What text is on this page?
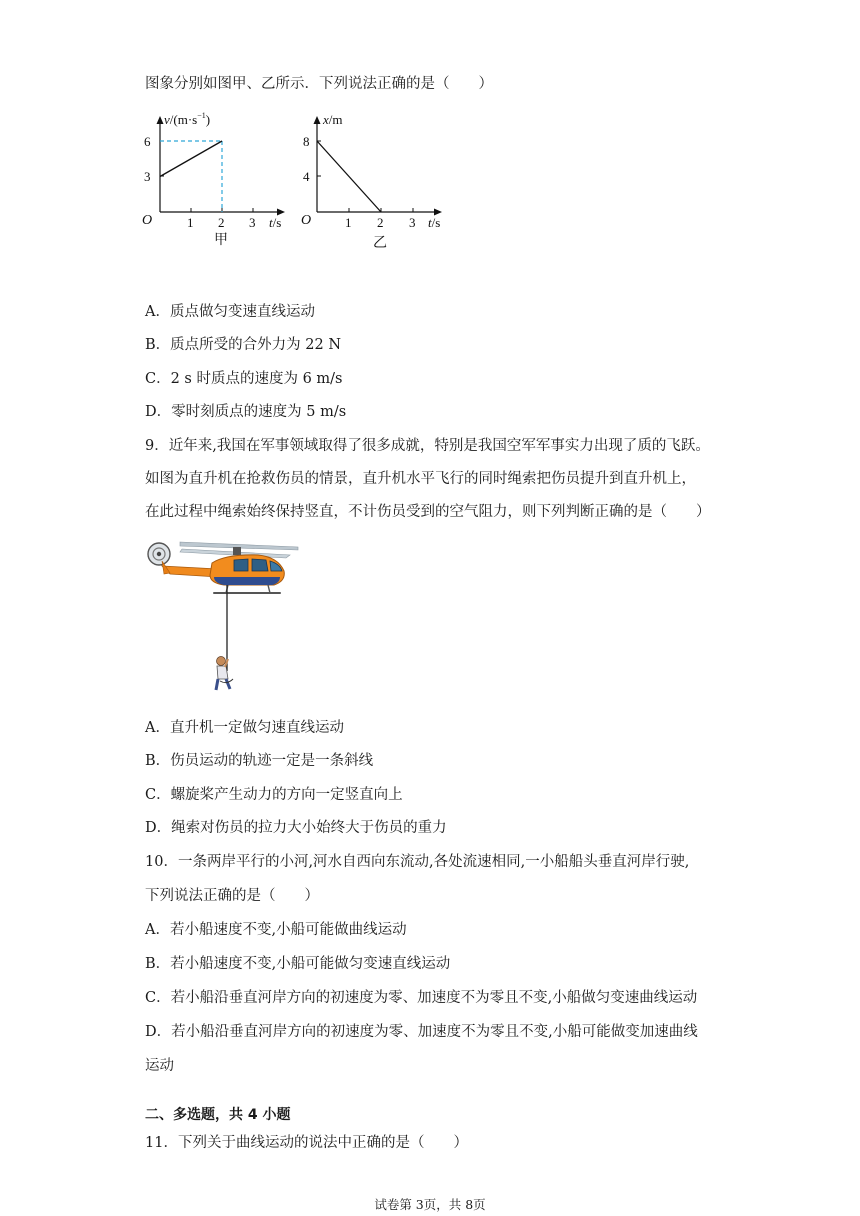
图象分别如图甲、乙所示．下列说法正确的是（　　）
$v/(m\cdot s^{-1})$
6
3
O	1 2 3 t/s
甲
x/m
8
4
O	1 2 3 t/s
乙
A．质点做匀变速直线运动
B．质点所受的合外力为 22 N
C．2 s 时质点的速度为 6 m/s
D．零时刻质点的速度为 5 m/s
9．近年来,我国在军事领域取得了很多成就，特别是我国空军军事实力出现了质的飞跃。
如图为直升机在抢救伤员的情景，直升机水平飞行的同时绳索把伤员提升到直升机上，
在此过程中绳索始终保持竖直，不计伤员受到的空气阻力，则下列判断正确的是（　　）
A．直升机一定做匀速直线运动
B．伤员运动的轨迹一定是一条斜线
C．螺旋桨产生动力的方向一定竖直向上
D．绳索对伤员的拉力大小始终大于伤员的重力
10．一条两岸平行的小河,河水自西向东流动,各处流速相同,一小船船头垂直河岸行驶,
下列说法正确的是（　　）
A．若小船速度不变,小船可能做曲线运动
B．若小船速度不变,小船可能做匀变速直线运动
C．若小船沿垂直河岸方向的初速度为零、加速度不为零且不变,小船做匀变速曲线运动
D．若小船沿垂直河岸方向的初速度为零、加速度不为零且不变,小船可能做变加速曲线
运动
二、多选题，共 4 小题
11．下列关于曲线运动的说法中正确的是（　　）
试卷第 3页，共 8页
